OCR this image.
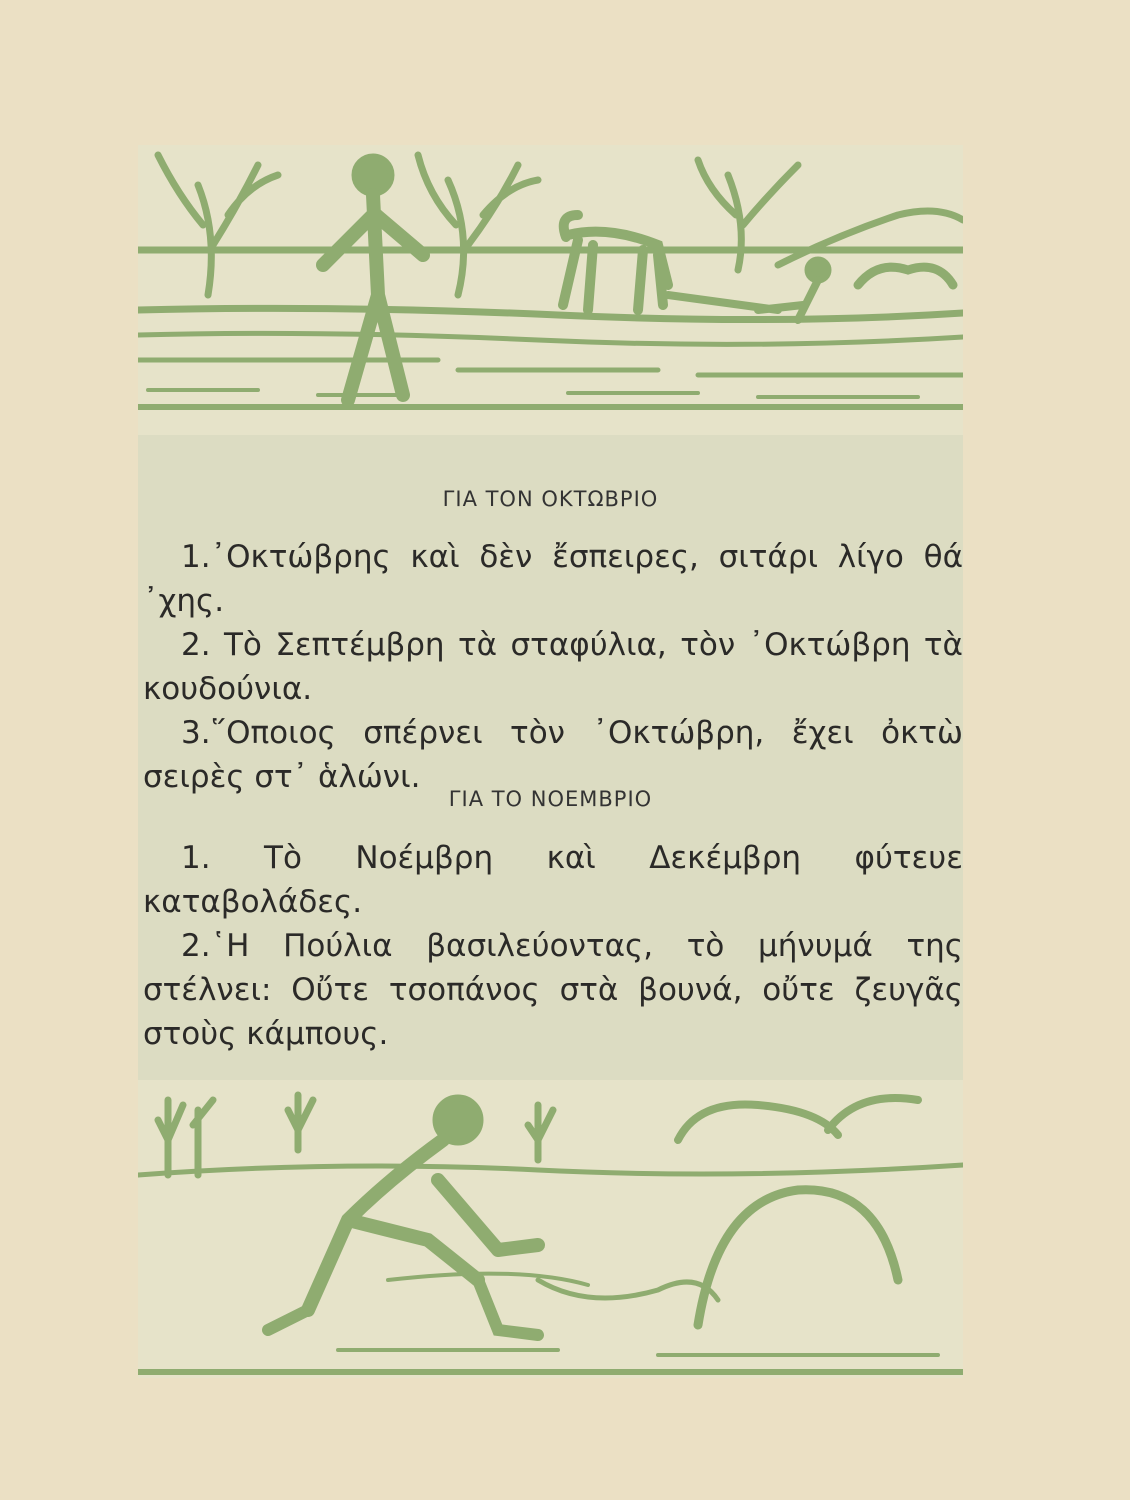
ΓΙΑ ΤΟΝ ΟΚΤΩΒΡΙΟ

1.᾿Οκτώβρης καὶ δὲν ἔσπειρες, σιτάρι λίγο θά ᾿χης.

2. Τὸ Σεπτέμβρη τὰ σταφύλια, τὸν ᾿Οκτώβρη τὰ κουδούνια.

3.῞Οποιος σπέρνει τὸν ᾿Οκτώβρη, ἔχει ὀκτὼ σειρὲς στ᾿ ἁλώνι.

ΓΙΑ ΤΟ ΝΟΕΜΒΡΙΟ

1. Τὸ Νοέμβρη καὶ Δεκέμβρη φύτευε καταβολάδες.

2.῾Η Πούλια βασιλεύοντας, τὸ μήνυμά της στέλνει: Οὔτε τσοπάνος στὰ βουνά, οὔτε ζευγᾶς στοὺς κάμπους.
